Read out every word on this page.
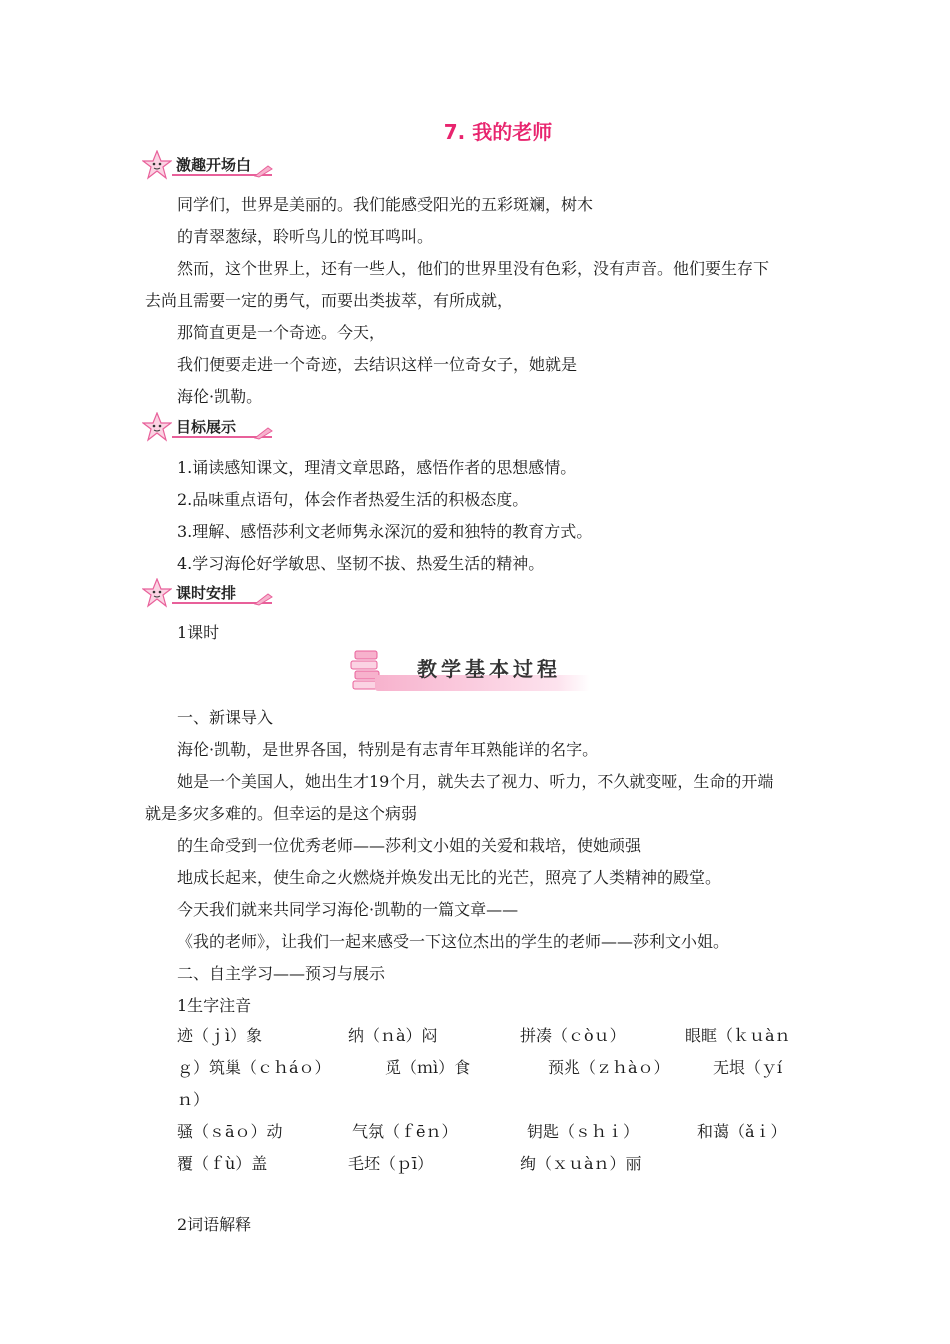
7. 我的老师
激趣开场白
同学们，世界是美丽的。我们能感受阳光的五彩斑斓，树木
的青翠葱绿，聆听鸟儿的悦耳鸣叫。
然而，这个世界上，还有一些人，他们的世界里没有色彩，没有声音。他们要生存下
去尚且需要一定的勇气，而要出类拔萃，有所成就，
那简直更是一个奇迹。今天，
我们便要走进一个奇迹，去结识这样一位奇女子，她就是
海伦·凯勒。
目标展示
1.诵读感知课文，理清文章思路，感悟作者的思想感情。
2.品味重点语句，体会作者热爱生活的积极态度。
3.理解、感悟莎利文老师隽永深沉的爱和独特的教育方式。
4.学习海伦好学敏思、坚韧不拔、热爱生活的精神。
课时安排
1课时
教学基本过程
一、新课导入
海伦·凯勒，是世界各国，特别是有志青年耳熟能详的名字。
她是一个美国人，她出生才19个月，就失去了视力、听力，不久就变哑，生命的开端
就是多灾多难的。但幸运的是这个病弱
的生命受到一位优秀老师——莎利文小姐的关爱和栽培，使她顽强
地成长起来，使生命之火燃烧并焕发出无比的光芒，照亮了人类精神的殿堂。
今天我们就来共同学习海伦·凯勒的一篇文章——
《我的老师》，让我们一起来感受一下这位杰出的学生的老师——莎利文小姐。
二、自主学习——预习与展示
1生字注音
迹（ｊì）象	纳（ｎà）闷	拼凑（ｃòｕ）	眼眶（ｋｕàｎ
ｇ）筑巢（ｃｈáｏ）	觅（ｍì）食	预兆（ｚｈàｏ）	无垠（ｙí
ｎ）
骚（ｓāｏ）动	气氛（ｆēｎ）	钥匙（ｓｈｉ）	和蔼（ǎｉ）
覆（ｆù）盖	毛坯（ｐī）	绚（ｘｕàｎ）丽
2词语解释
